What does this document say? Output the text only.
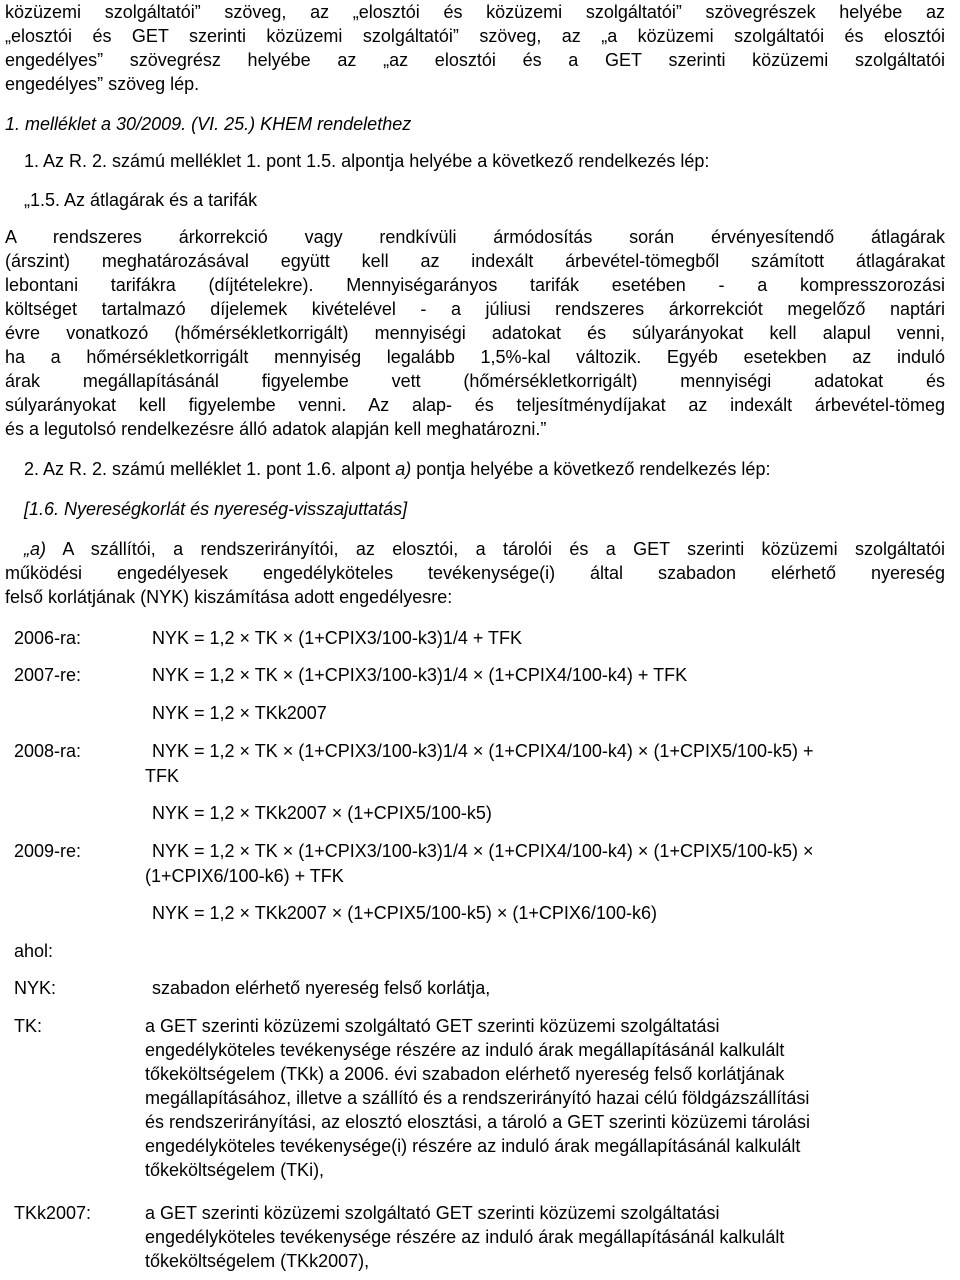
közüzemi szolgáltatói” szöveg, az „elosztói és közüzemi szolgáltatói” szövegrészek helyébe az
„elosztói és GET szerinti közüzemi szolgáltatói” szöveg, az „a közüzemi szolgáltatói és elosztói
engedélyes” szövegrész helyébe az „az elosztói és a GET szerinti közüzemi szolgáltatói
engedélyes” szöveg lép.
1. melléklet a 30/2009. (VI. 25.) KHEM rendelethez
1. Az R. 2. számú melléklet 1. pont 1.5. alpontja helyébe a következő rendelkezés lép:
„1.5. Az átlagárak és a tarifák
A rendszeres árkorrekció vagy rendkívüli ármódosítás során érvényesítendő átlagárak
(árszint) meghatározásával együtt kell az indexált árbevétel-tömegből számított átlagárakat
lebontani tarifákra (díjtételekre). Mennyiségarányos tarifák esetében - a kompresszorozási
költséget tartalmazó díjelemek kivételével - a júliusi rendszeres árkorrekciót megelőző naptári
évre vonatkozó (hőmérsékletkorrigált) mennyiségi adatokat és súlyarányokat kell alapul venni,
ha a hőmérsékletkorrigált mennyiség legalább 1,5%-kal változik. Egyéb esetekben az induló
árak megállapításánál figyelembe vett (hőmérsékletkorrigált) mennyiségi adatokat és
súlyarányokat kell figyelembe venni. Az alap- és teljesítménydíjakat az indexált árbevétel-tömeg
és a legutolsó rendelkezésre álló adatok alapján kell meghatározni.”
2. Az R. 2. számú melléklet 1. pont 1.6. alpont a) pontja helyébe a következő rendelkezés lép:
[1.6. Nyereségkorlát és nyereség-visszajuttatás]
„a) A szállítói, a rendszerirányítói, az elosztói, a tárolói és a GET szerinti közüzemi szolgáltatói
működési engedélyesek engedélyköteles tevékenysége(i) által szabadon elérhető nyereség
felső korlátjának (NYK) kiszámítása adott engedélyesre:
2006-ra:	NYK = 1,2 × TK × (1+CPIX3/100-k3)1/4 + TFK
2007-re:	NYK = 1,2 × TK × (1+CPIX3/100-k3)1/4 × (1+CPIX4/100-k4) + TFK
NYK = 1,2 × TKk2007
2008-ra:	NYK = 1,2 × TK × (1+CPIX3/100-k3)1/4 × (1+CPIX4/100-k4) × (1+CPIX5/100-k5) +
TFK
NYK = 1,2 × TKk2007 × (1+CPIX5/100-k5)
2009-re:	NYK = 1,2 × TK × (1+CPIX3/100-k3)1/4 × (1+CPIX4/100-k4) × (1+CPIX5/100-k5) ×
(1+CPIX6/100-k6) + TFK
NYK = 1,2 × TKk2007 × (1+CPIX5/100-k5) × (1+CPIX6/100-k6)
ahol:
NYK:	szabadon elérhető nyereség felső korlátja,
TK:	a GET szerinti közüzemi szolgáltató GET szerinti közüzemi szolgáltatási
engedélyköteles tevékenysége részére az induló árak megállapításánál kalkulált
tőkeköltségelem (TKk) a 2006. évi szabadon elérhető nyereség felső korlátjának
megállapításához, illetve a szállító és a rendszerirányító hazai célú földgázszállítási
és rendszerirányítási, az elosztó elosztási, a tároló a GET szerinti közüzemi tárolási
engedélyköteles tevékenysége(i) részére az induló árak megállapításánál kalkulált
tőkeköltségelem (TKi),
TKk2007:	a GET szerinti közüzemi szolgáltató GET szerinti közüzemi szolgáltatási
engedélyköteles tevékenysége részére az induló árak megállapításánál kalkulált
tőkeköltségelem (TKk2007),
